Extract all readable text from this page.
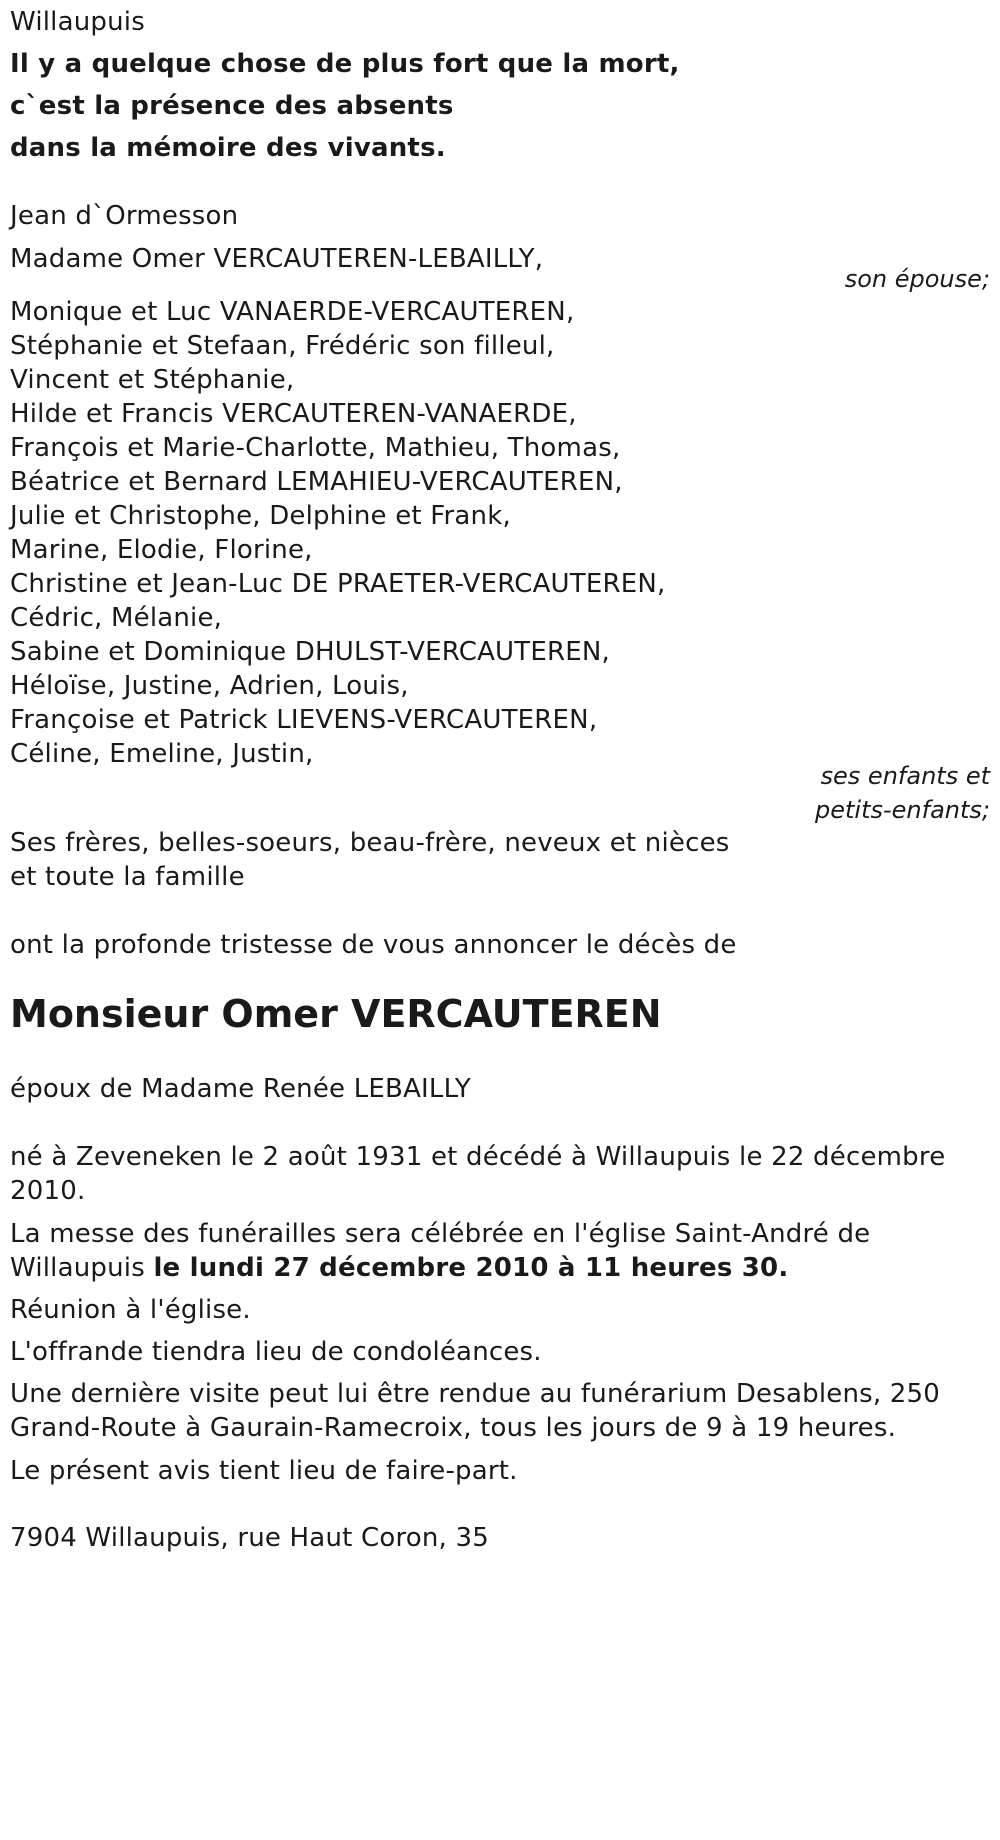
Willaupuis
Il y a quelque chose de plus fort que la mort,
c`est la présence des absents
dans la mémoire des vivants.
Jean d`Ormesson
Madame Omer VERCAUTEREN-LEBAILLY,
son épouse;
Monique et Luc VANAERDE-VERCAUTEREN,
Stéphanie et Stefaan, Frédéric son filleul,
Vincent et Stéphanie,
Hilde et Francis VERCAUTEREN-VANAERDE,
François et Marie-Charlotte, Mathieu, Thomas,
Béatrice et Bernard LEMAHIEU-VERCAUTEREN,
Julie et Christophe, Delphine et Frank,
Marine, Elodie, Florine,
Christine et Jean-Luc DE PRAETER-VERCAUTEREN,
Cédric, Mélanie,
Sabine et Dominique DHULST-VERCAUTEREN,
Héloïse, Justine, Adrien, Louis,
Françoise et Patrick LIEVENS-VERCAUTEREN,
Céline, Emeline, Justin,
ses enfants et
petits-enfants;
Ses frères, belles-soeurs, beau-frère, neveux et nièces
et toute la famille
ont la profonde tristesse de vous annoncer le décès de
Monsieur Omer VERCAUTEREN
époux de Madame Renée LEBAILLY
né à Zeveneken le 2 août 1931 et décédé à Willaupuis le 22 décembre
2010.
La messe des funérailles sera célébrée en l'église Saint-André de
Willaupuis le lundi 27 décembre 2010 à 11 heures 30.
Réunion à l'église.
L'offrande tiendra lieu de condoléances.
Une dernière visite peut lui être rendue au funérarium Desablens, 250
Grand-Route à Gaurain-Ramecroix, tous les jours de 9 à 19 heures.
Le présent avis tient lieu de faire-part.
7904 Willaupuis, rue Haut Coron, 35
